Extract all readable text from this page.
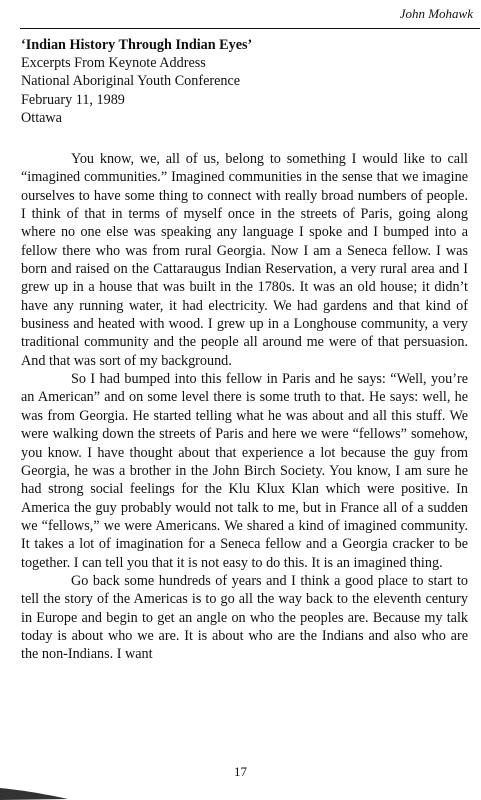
John Mohawk
‘Indian History Through Indian Eyes’
Excerpts From Keynote Address
National Aboriginal Youth Conference
February 11, 1989
Ottawa

You know, we, all of us, belong to something I would like to call “imagined communities.” Imagined communities in the sense that we imagine ourselves to have some thing to connect with really broad numbers of people. I think of that in terms of myself once in the streets of Paris, going along where no one else was speaking any language I spoke and I bumped into a fellow there who was from rural Georgia. Now I am a Seneca fellow. I was born and raised on the Cattaraugus Indian Reservation, a very rural area and I grew up in a house that was built in the 1780s. It was an old house; it didn’t have any running water, it had electricity. We had gardens and that kind of business and heated with wood. I grew up in a Longhouse community, a very traditional community and the people all around me were of that persuasion. And that was sort of my background.

So I had bumped into this fellow in Paris and he says: “Well, you’re an American” and on some level there is some truth to that. He says: well, he was from Georgia. He started telling what he was about and all this stuff. We were walking down the streets of Paris and here we were “fellows” somehow, you know. I have thought about that experience a lot because the guy from Georgia, he was a brother in the John Birch Society. You know, I am sure he had strong social feelings for the Klu Klux Klan which were positive. In America the guy probably would not talk to me, but in France all of a sudden we “fellows,” we were Americans. We shared a kind of imagined community. It takes a lot of imagination for a Seneca fellow and a Georgia cracker to be together. I can tell you that it is not easy to do this. It is an imagined thing.

Go back some hundreds of years and I think a good place to start to tell the story of the Americas is to go all the way back to the eleventh century in Europe and begin to get an angle on who the peoples are. Because my talk today is about who we are. It is about who are the Indians and also who are the non-Indians. I want

17
